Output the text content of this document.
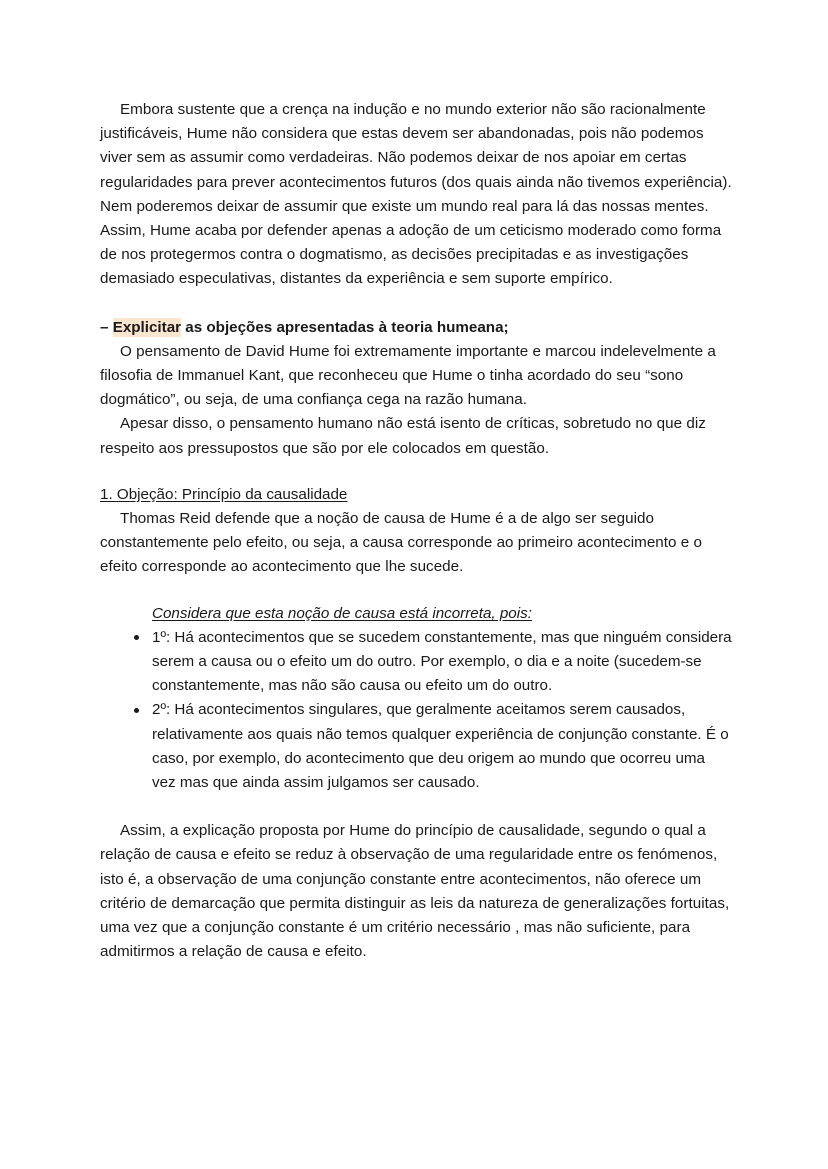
Embora sustente que a crença na indução e no mundo exterior não são racionalmente justificáveis, Hume não considera que estas devem ser abandonadas, pois não podemos viver sem as assumir como verdadeiras. Não podemos deixar de nos apoiar em certas regularidades para prever acontecimentos futuros (dos quais ainda não tivemos experiência). Nem poderemos deixar de assumir que existe um mundo real para lá das nossas mentes. Assim, Hume acaba por defender apenas a adoção de um ceticismo moderado como forma de nos protegermos contra o dogmatismo, as decisões precipitadas e as investigações demasiado especulativas, distantes da experiência e sem suporte empírico.

– Explicitar as objeções apresentadas à teoria humeana;

O pensamento de David Hume foi extremamente importante e marcou indelevelmente a filosofia de Immanuel Kant, que reconheceu que Hume o tinha acordado do seu “sono dogmático”, ou seja, de uma confiança cega na razão humana.

Apesar disso, o pensamento humano não está isento de críticas, sobretudo no que diz respeito aos pressupostos que são por ele colocados em questão.

1. Objeção: Princípio da causalidade

Thomas Reid defende que a noção de causa de Hume é a de algo ser seguido constantemente pelo efeito, ou seja, a causa corresponde ao primeiro acontecimento e o efeito corresponde ao acontecimento que lhe sucede.

Considera que esta noção de causa está incorreta, pois:

1º: Há acontecimentos que se sucedem constantemente, mas que ninguém considera serem a causa ou o efeito um do outro. Por exemplo, o dia e a noite (sucedem-se constantemente, mas não são causa ou efeito um do outro.
2º: Há acontecimentos singulares, que geralmente aceitamos serem causados, relativamente aos quais não temos qualquer experiência de conjunção constante. É o caso, por exemplo, do acontecimento que deu origem ao mundo que ocorreu uma vez mas que ainda assim julgamos ser causado.

Assim, a explicação proposta por Hume do princípio de causalidade, segundo o qual a relação de causa e efeito se reduz à observação de uma regularidade entre os fenómenos, isto é, a observação de uma conjunção constante entre acontecimentos, não oferece um critério de demarcação que permita distinguir as leis da natureza de generalizações fortuitas, uma vez que a conjunção constante é um critério necessário , mas não suficiente, para admitirmos a relação de causa e efeito.
